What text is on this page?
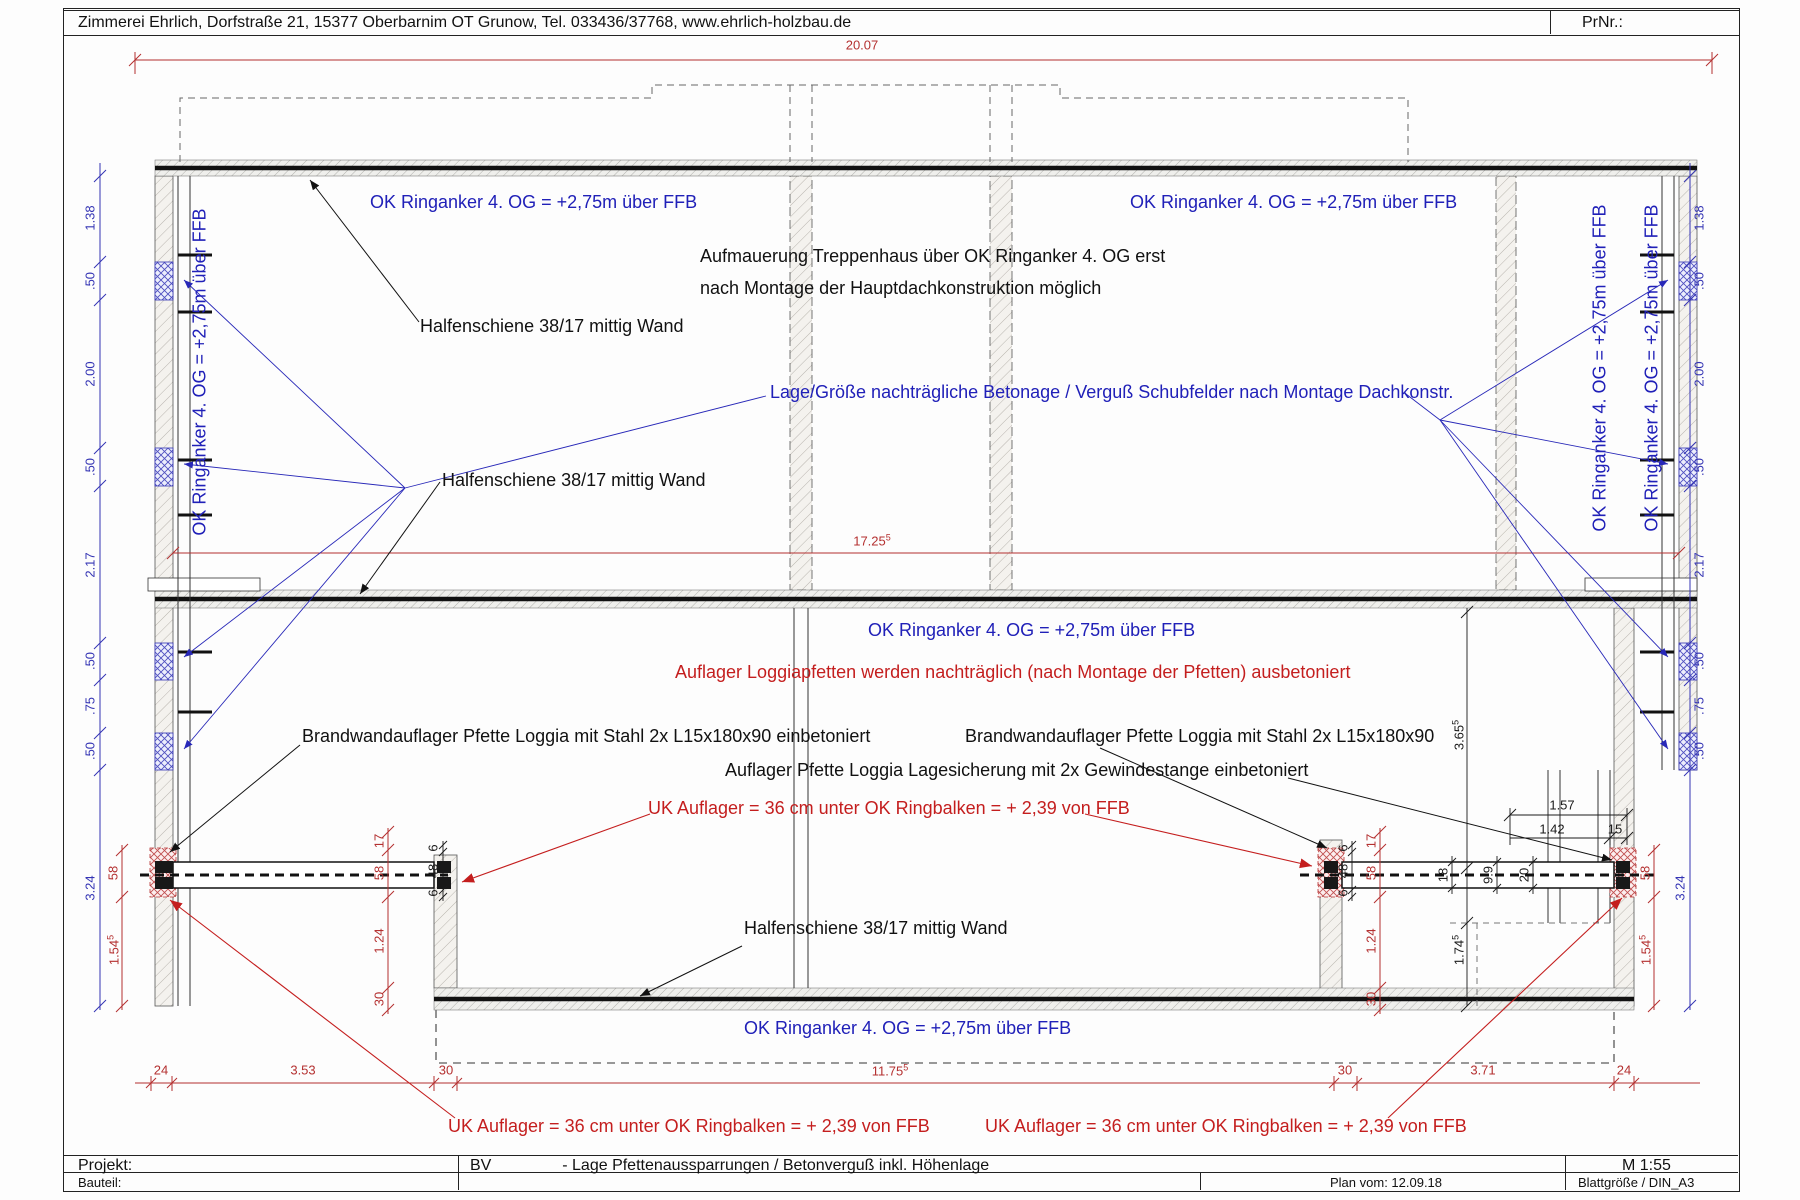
Zimmerei Ehrlich, Dorfstraße 21, 15377 Oberbarnim OT Grunow, Tel. 033436/37768, www.ehrlich-holzbau.de	PrNr.:
OK Ringanker 4. OG = +2,75m über FFB	OK Ringanker 4. OG = +2,75m über FFB
OK Ringanker 4. OG = +2,75m über FFB
OK Ringanker 4. OG = +2,75m über FFB
OK Ringanker 4. OG = +2,75m über FFB	OK Ringanker 4. OG = +2,75m über FFB OK Ringanker 4. OG = +2,75m über FFB
Aufmauerung Treppenhaus über OK Ringanker 4. OG erst
nach Montage der Hauptdachkonstruktion möglich
Halfenschiene 38/17 mittig Wand
Halfenschiene 38/17 mittig Wand
Halfenschiene 38/17 mittig Wand
Lage/Größe nachträgliche Betonage / Verguß Schubfelder nach Montage Dachkonstr.
Auflager Loggiapfetten werden nachträglich (nach Montage der Pfetten) ausbetoniert
Brandwandauflager Pfette Loggia mit Stahl 2x L15x180x90 einbetoniert	Brandwandauflager Pfette Loggia mit Stahl 2x L15x180x90
Auflager Pfette Loggia Lagesicherung mit 2x Gewindestange einbetoniert
UK Auflager = 36 cm unter OK Ringbalken = + 2,39 von FFB
UK Auflager = 36 cm unter OK Ringbalken = + 2,39 von FFB	UK Auflager = 36 cm unter OK Ringbalken = + 2,39 von FFB
20.07
17.25$^5$
24	3.53	30	11.75$^5$	30	3.71	24
1.38
.50
2.00
.50
2.17
.50
.75
.50
3.24
1.38
.50
2.00
.50
2.17
.50
.75
.50
3.24
58
1.54$^5$
58
1.54$^5$
17
58
1.24
30
17
58
1.24
30
6
48
6
6
48
6
18 9.9 20
3.65$^5$
1.74$^5$
1.57
1.42	15
Projekt:	BV	- Lage Pfettenaussparrungen / Betonverguß inkl. Höhenlage	M 1:55
Bauteil:	Plan vom: 12.09.18	Blattgröße / DIN_A3
